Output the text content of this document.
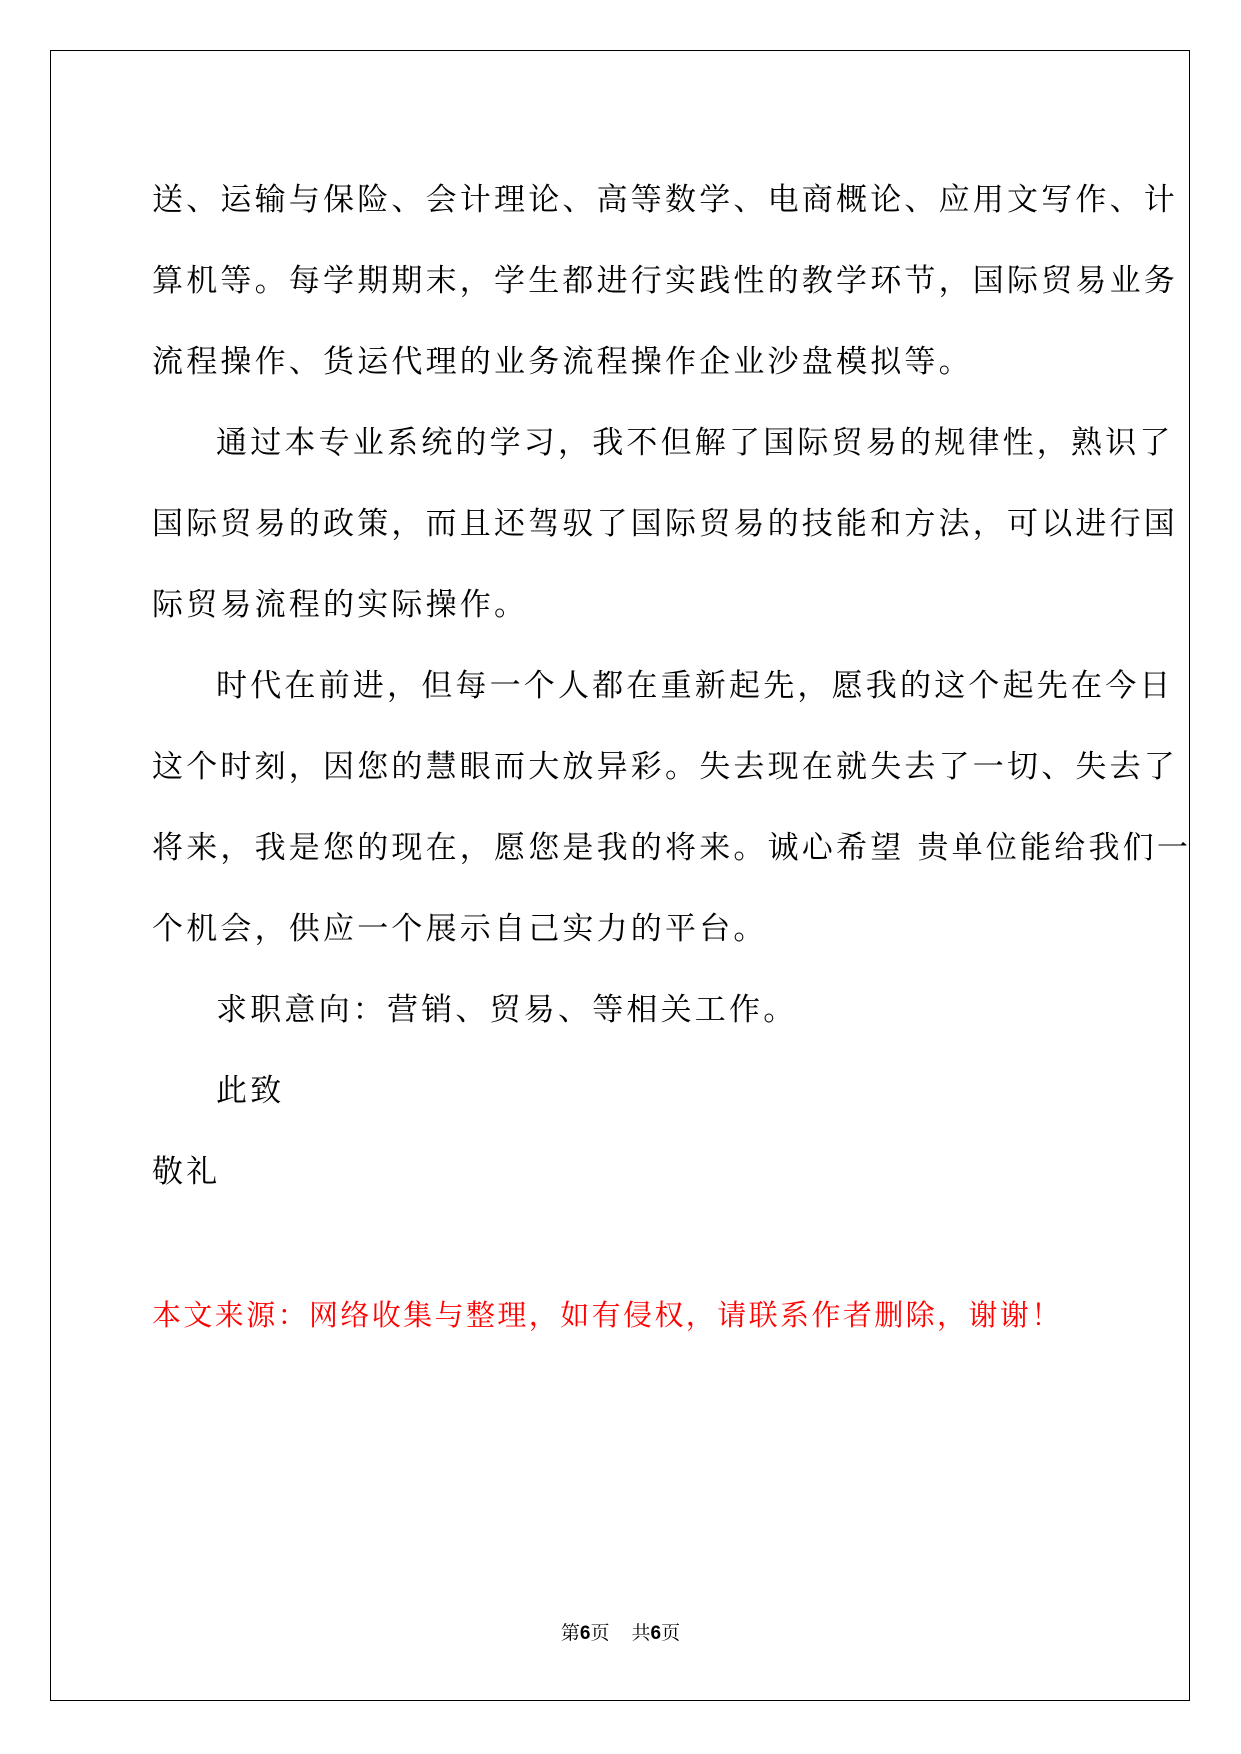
送、运输与保险、会计理论、高等数学、电商概论、应用文写作、计
算机等。每学期期末，学生都进行实践性的教学环节，国际贸易业务
流程操作、货运代理的业务流程操作企业沙盘模拟等。

通过本专业系统的学习，我不但解了国际贸易的规律性，熟识了
国际贸易的政策，而且还驾驭了国际贸易的技能和方法，可以进行国
际贸易流程的实际操作。

时代在前进，但每一个人都在重新起先，愿我的这个起先在今日
这个时刻，因您的慧眼而大放异彩。失去现在就失去了一切、失去了
将来，我是您的现在，愿您是我的将来。诚心希望 贵单位能给我们一
个机会，供应一个展示自己实力的平台。

求职意向：营销、贸易、等相关工作。

此致

敬礼

本文来源：网络收集与整理，如有侵权，请联系作者删除，谢谢！
第6页 共6页
